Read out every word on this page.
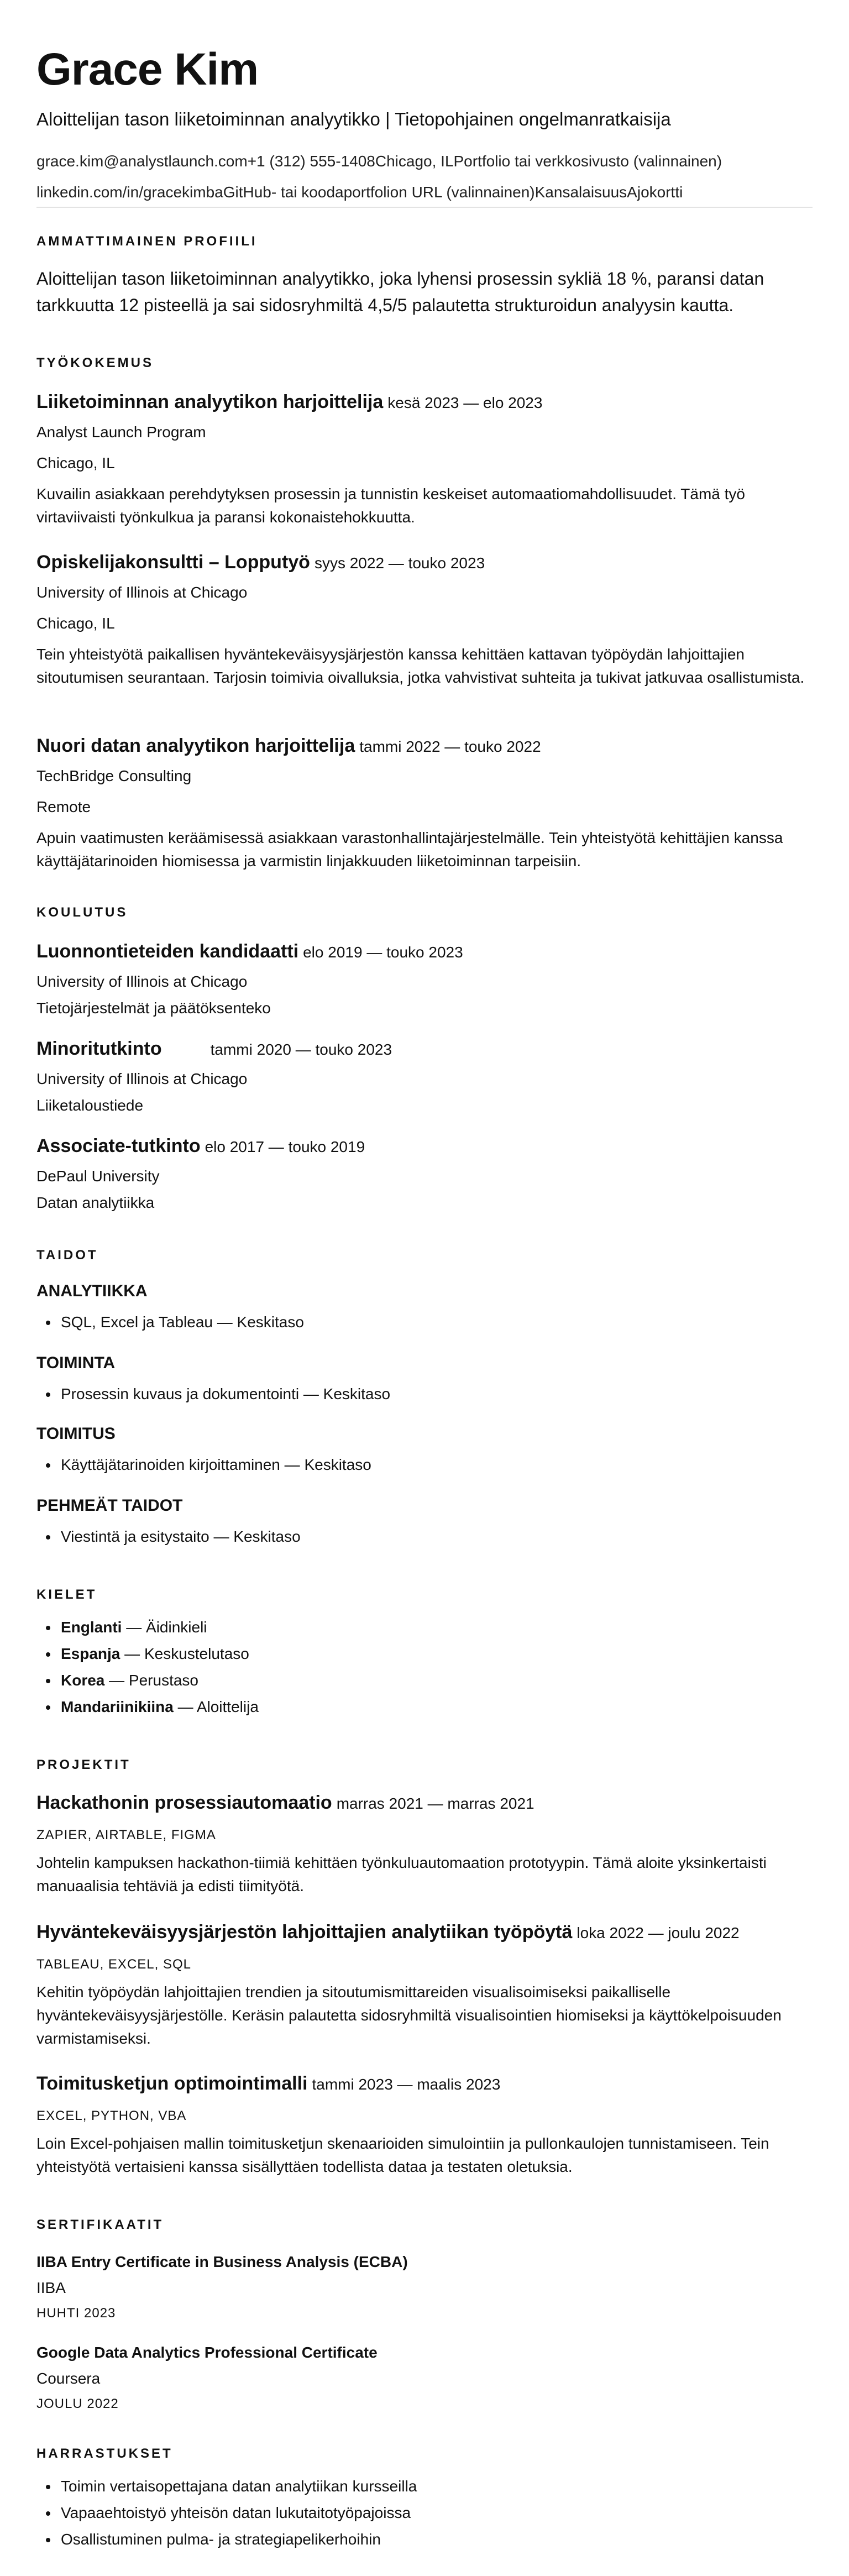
Grace Kim
Aloittelijan tason liiketoiminnan analyytikko | Tietopohjainen ongelmanratkaisija
grace.kim@analystlaunch.com+1 (312) 555-1408Chicago, ILPortfolio tai verkkosivusto (valinnainen)
linkedin.com/in/gracekimbaGitHub- tai koodaportfolion URL (valinnainen)KansalaisuusAjokortti
AMMATTIMAINEN PROFIILI
Aloittelijan tason liiketoiminnan analyytikko, joka lyhensi prosessin sykliä 18 %, paransi datan tarkkuutta 12 pisteellä ja sai sidosryhmiltä 4,5/5 palautetta strukturoidun analyysin kautta.
TYÖKOKEMUS
Liiketoiminnan analyytikon harjoittelija kesä 2023 — elo 2023
Analyst Launch Program
Chicago, IL
Kuvailin asiakkaan perehdytyksen prosessin ja tunnistin keskeiset automaatiomahdollisuudet. Tämä työ virtaviivaisti työnkulkua ja paransi kokonaistehokkuutta.
Opiskelijakonsultti – Lopputyö syys 2022 — touko 2023
University of Illinois at Chicago
Chicago, IL
Tein yhteistyötä paikallisen hyväntekeväisyysjärjestön kanssa kehittäen kattavan työpöydän lahjoittajien sitoutumisen seurantaan. Tarjosin toimivia oivalluksia, jotka vahvistivat suhteita ja tukivat jatkuvaa osallistumista.
Nuori datan analyytikon harjoittelija tammi 2022 — touko 2022
TechBridge Consulting
Remote
Apuin vaatimusten keräämisessä asiakkaan varastonhallintajärjestelmälle. Tein yhteistyötä kehittäjien kanssa käyttäjätarinoiden hiomisessa ja varmistin linjakkuuden liiketoiminnan tarpeisiin.
KOULUTUS
Luonnontieteiden kandidaatti elo 2019 — touko 2023
University of Illinois at Chicago
Tietojärjestelmät ja päätöksenteko
Minoritutkinto	tammi 2020 — touko 2023
University of Illinois at Chicago
Liiketaloustiede
Associate-tutkinto elo 2017 — touko 2019
DePaul University
Datan analytiikka
TAIDOT
ANALYTIIKKA
• SQL, Excel ja Tableau — Keskitaso
TOIMINTA
• Prosessin kuvaus ja dokumentointi — Keskitaso
TOIMITUS
• Käyttäjätarinoiden kirjoittaminen — Keskitaso
PEHMEÄT TAIDOT
• Viestintä ja esitystaito — Keskitaso
KIELET
• Englanti — Äidinkieli
• Espanja — Keskustelutaso
• Korea — Perustaso
• Mandariinikiina — Aloittelija
PROJEKTIT
Hackathonin prosessiautomaatio marras 2021 — marras 2021
ZAPIER, AIRTABLE, FIGMA
Johtelin kampuksen hackathon-tiimiä kehittäen työnkuluautomaation prototyypin. Tämä aloite yksinkertaisti manuaalisia tehtäviä ja edisti tiimityötä.
Hyväntekeväisyysjärjestön lahjoittajien analytiikan työpöytä loka 2022 — joulu 2022
TABLEAU, EXCEL, SQL
Kehitin työpöydän lahjoittajien trendien ja sitoutumismittareiden visualisoimiseksi paikalliselle hyväntekeväisyysjärjestölle. Keräsin palautetta sidosryhmiltä visualisointien hiomiseksi ja käyttökelpoisuuden varmistamiseksi.
Toimitusketjun optimointimalli tammi 2023 — maalis 2023
EXCEL, PYTHON, VBA
Loin Excel-pohjaisen mallin toimitusketjun skenaarioiden simulointiin ja pullonkaulojen tunnistamiseen. Tein yhteistyötä vertaisieni kanssa sisällyttäen todellista dataa ja testaten oletuksia.
SERTIFIKAATIT
IIBA Entry Certificate in Business Analysis (ECBA)
IIBA
HUHTI 2023
Google Data Analytics Professional Certificate
Coursera
JOULU 2022
HARRASTUKSET
• Toimin vertaisopettajana datan analytiikan kursseilla
• Vapaaehtoistyö yhteisön datan lukutaitotyöpajoissa
• Osallistuminen pulma- ja strategiapelikerhoihin
